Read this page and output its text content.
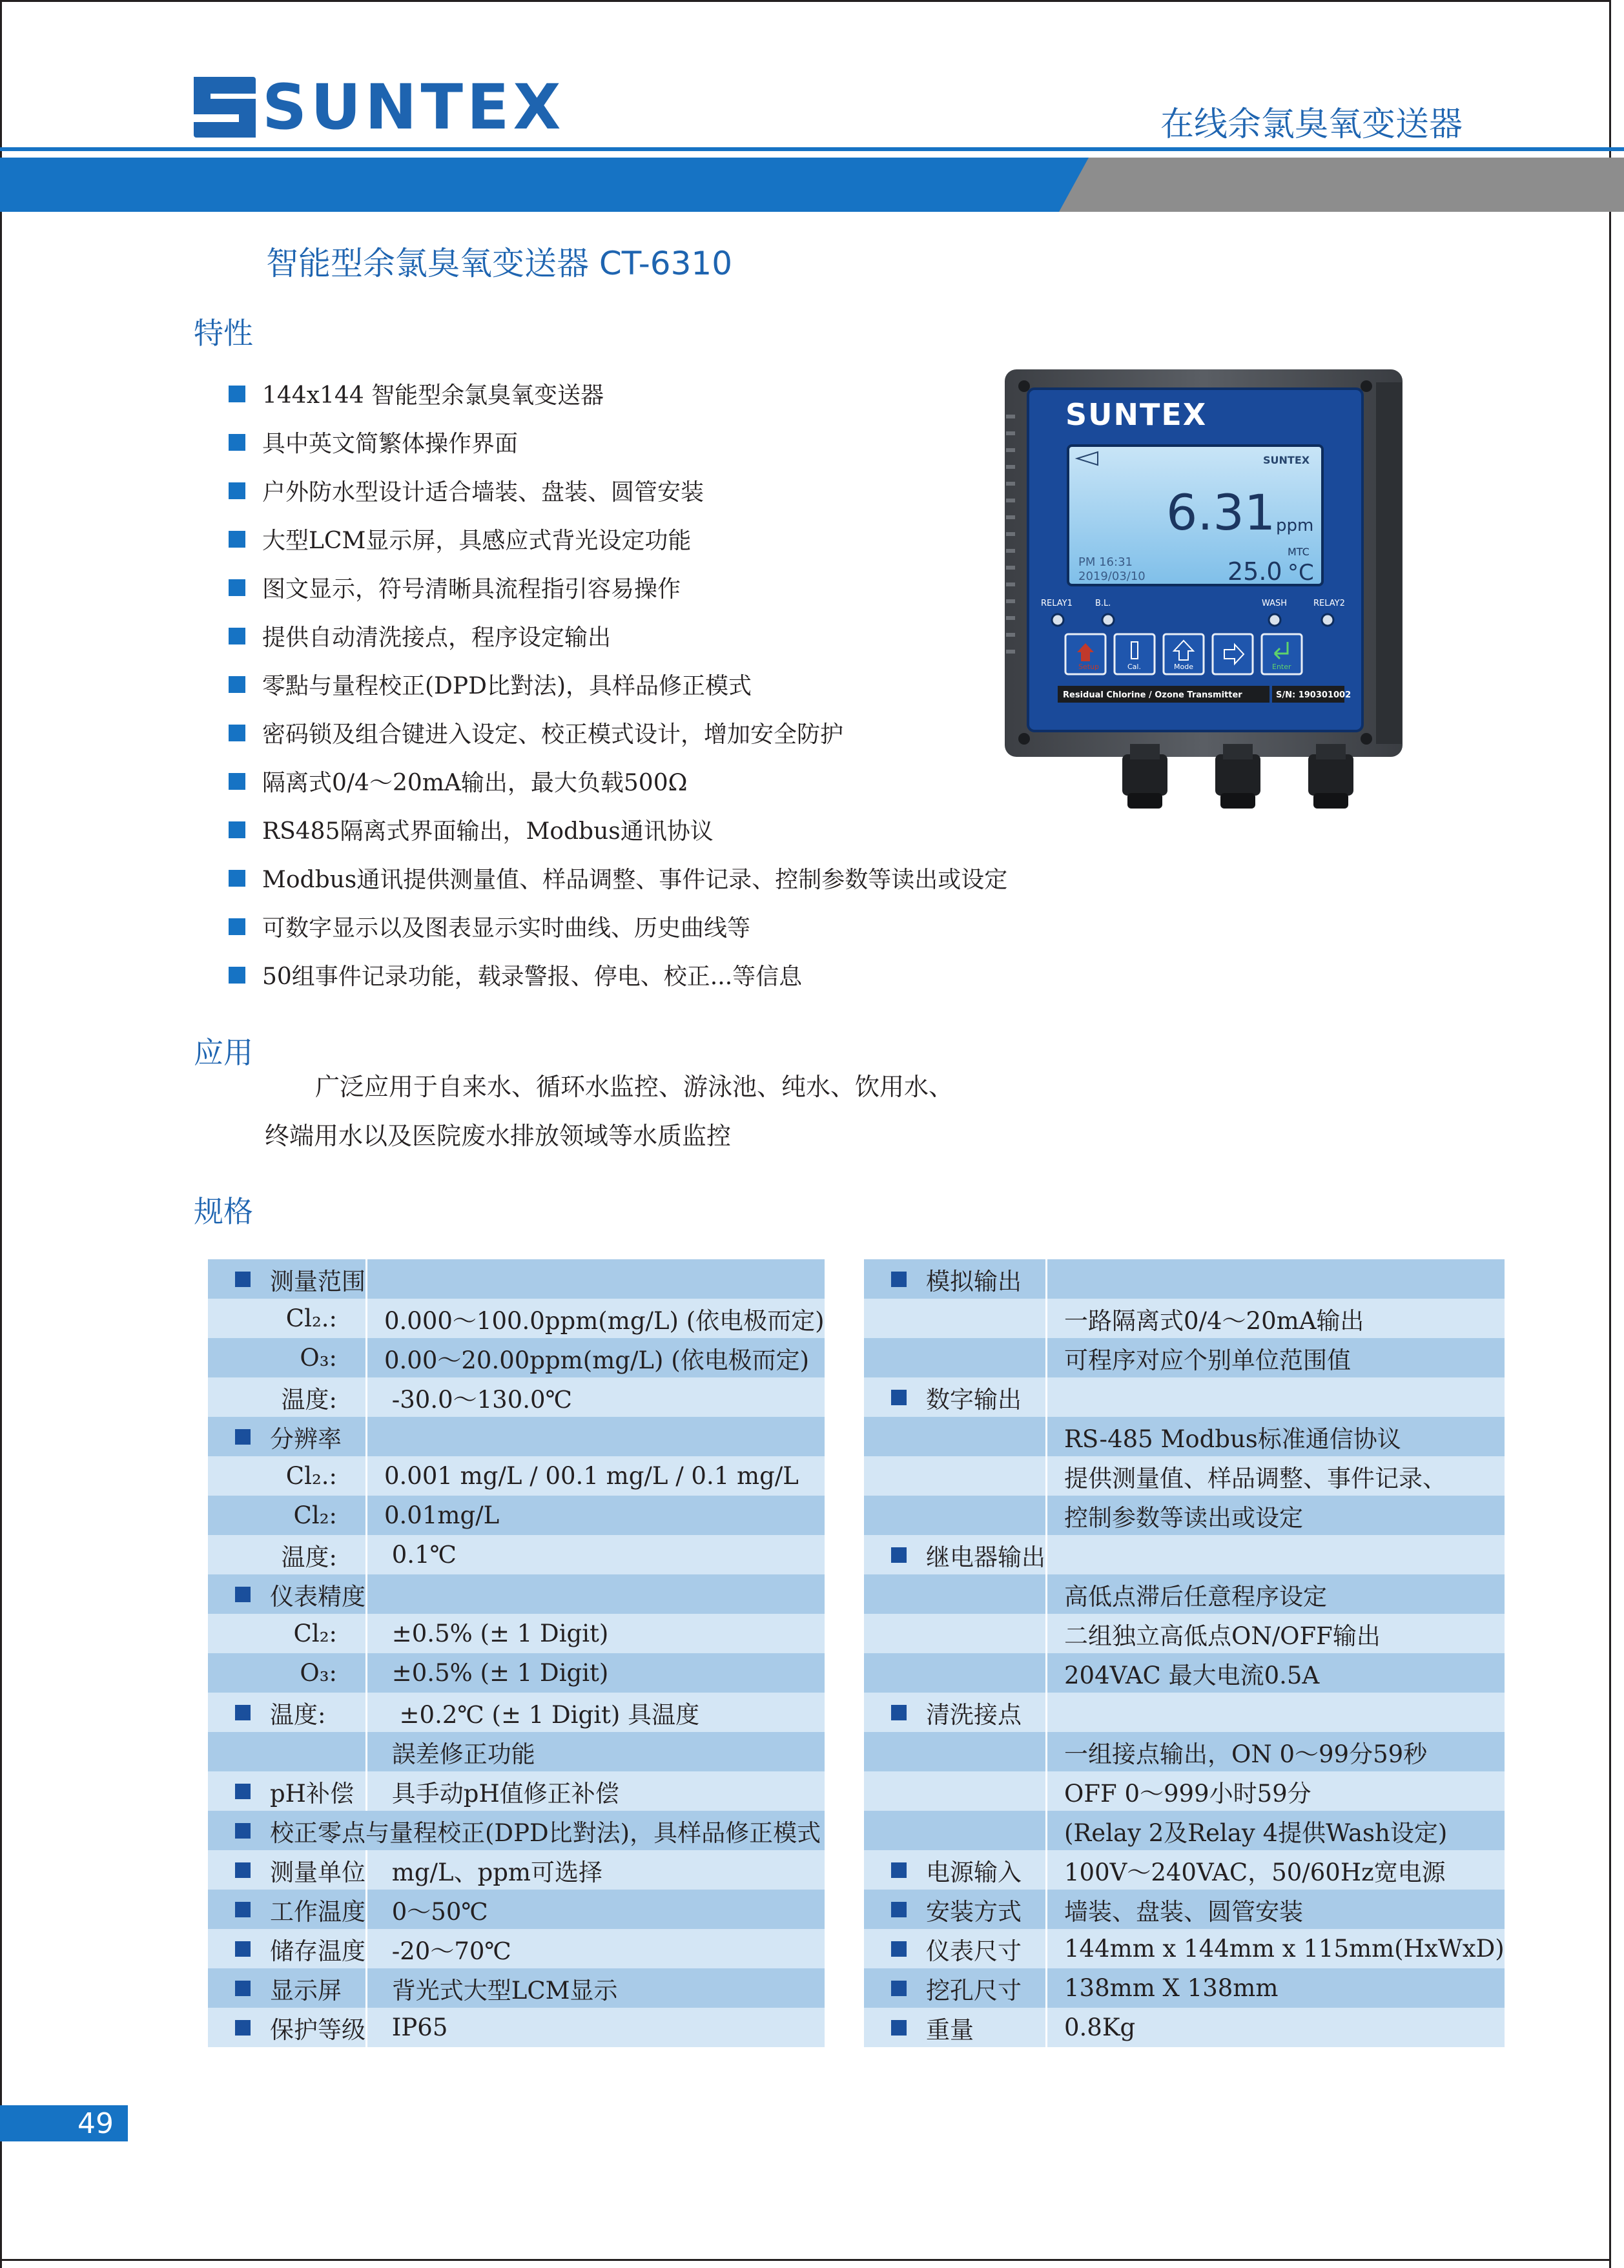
SUNTEX	在线余氯臭氧变送器
智能型余氯臭氧变送器 CT-6310
特性
144x144 智能型余氯臭氧变送器
具中英文简繁体操作界面
户外防水型设计适合墙装、盘装、圆管安装
大型LCM显示屏，具感应式背光设定功能
图文显示，符号清晰具流程指引容易操作
提供自动清洗接点，程序设定输出
零點与量程校正(DPD比對法)，具样品修正模式
密码锁及组合键进入设定、校正模式设计，增加安全防护
隔离式0/4～20mA输出，最大负载500Ω
RS485隔离式界面输出，Modbus通讯协议
Modbus通讯提供测量值、样品调整、事件记录、控制参数等读出或设定
可数字显示以及图表显示实时曲线、历史曲线等
50组事件记录功能，载录警报、停电、校正...等信息
SUNTEX
SUNTEX
6.31 ppm
MTC
PM 16:31
2019/03/10	25.0 °C
RELAY1	B.L.	WASH	RELAY2
Setup	Cal.	Mode	Enter
Residual Chlorine / Ozone Transmitter	S/N: 190301002
应用
广泛应用于自来水、循环水监控、游泳池、纯水、饮用水、
终端用水以及医院废水排放领域等水质监控
规格
测量范围	

Cl₂.:	0.000～100.0ppm(mg/L) (依电极而定)

O₃:	0.00～20.00ppm(mg/L) (依电极而定)

温度:	-30.0～130.0℃

分辨率	

Cl₂.:	0.001 mg/L / 00.1 mg/L / 0.1 mg/L

Cl₂:	0.01mg/L

温度:	0.1℃

仪表精度	

Cl₂:	±0.5% (± 1 Digit)

O₃:	±0.5% (± 1 Digit)

温度:	±0.2℃ (± 1 Digit) 具温度

	誤差修正功能

pH补偿	具手动pH值修正补偿

校正零点与量程校正(DPD比對法)，具样品修正模式	

测量单位	mg/L、ppm可选择

工作温度	0～50℃

储存温度	-20～70℃

显示屏	背光式大型LCM显示

保护等级	IP65
模拟输出	

	一路隔离式0/4～20mA输出

	可程序对应个别单位范围值

数字输出	

	RS-485 Modbus标准通信协议

	提供测量值、样品调整、事件记录、

	控制参数等读出或设定

继电器输出	

	高低点滞后任意程序设定

	二组独立高低点ON/OFF输出

	204VAC 最大电流0.5A

清洗接点	

	一组接点输出，ON 0～99分59秒

	OFF 0～999小时59分

	(Relay 2及Relay 4提供Wash设定)

电源输入	100V～240VAC，50/60Hz宽电源

安装方式	墙装、盘装、圆管安装

仪表尺寸	144mm x 144mm x 115mm(HxWxD)

挖孔尺寸	138mm X 138mm

重量	0.8Kg
49
